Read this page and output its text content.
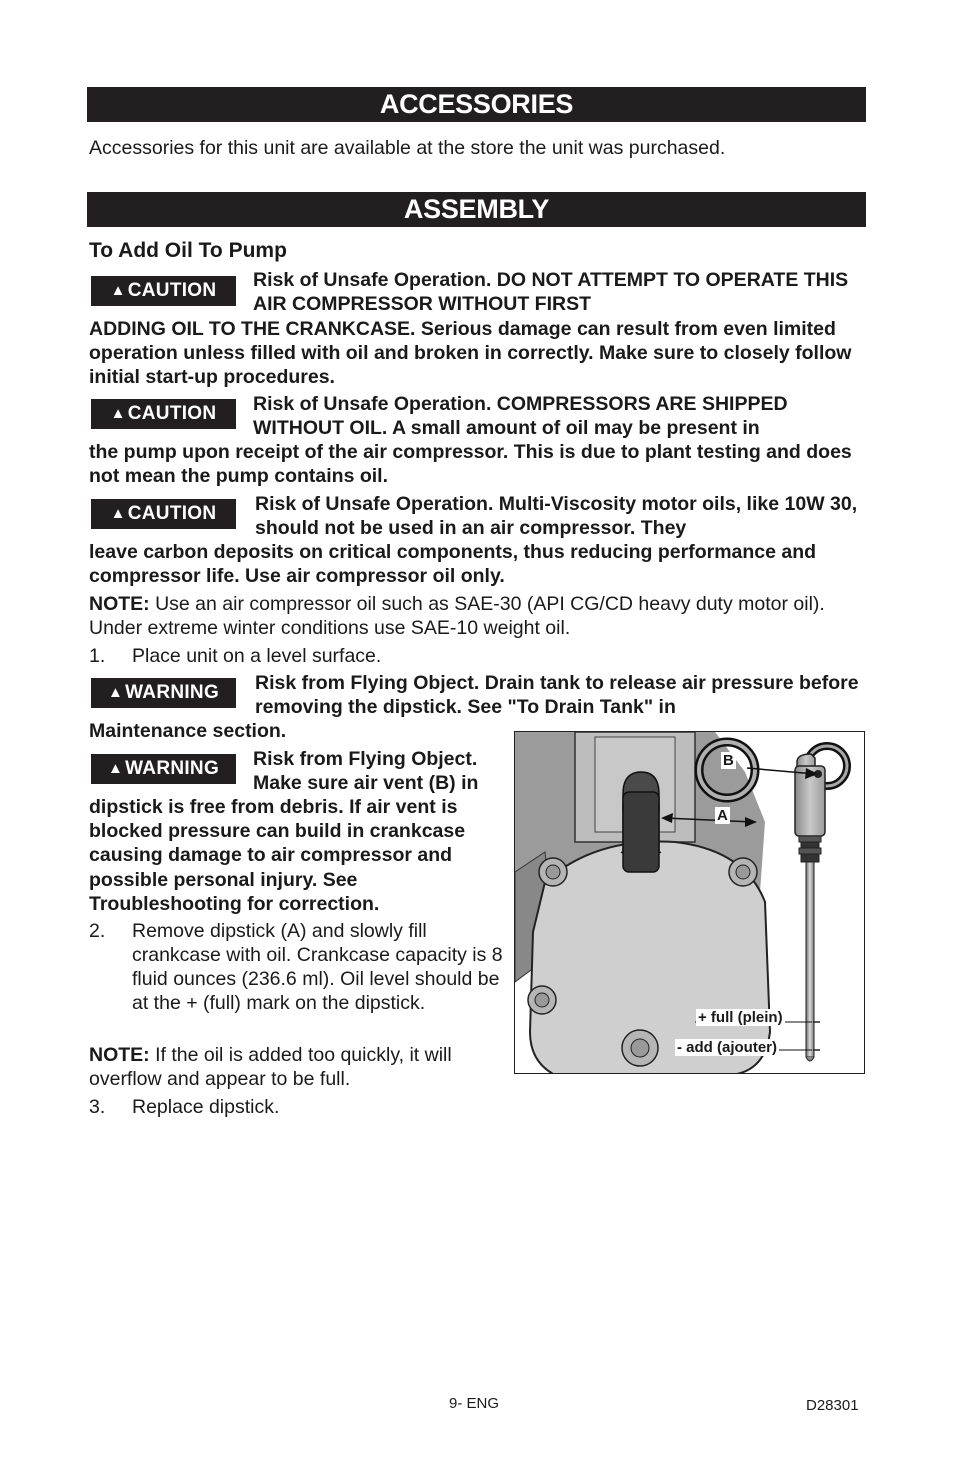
ACCESSORIES
Accessories for this unit are available at the store the unit was purchased.
ASSEMBLY
To Add Oil To Pump
▲ CAUTION	Risk of Unsafe Operation. DO NOT ATTEMPT TO OPERATE THIS AIR COMPRESSOR WITHOUT FIRST
ADDING OIL TO THE CRANKCASE. Serious damage can result from even limited operation unless filled with oil and broken in correctly. Make sure to closely follow initial start-up procedures.
▲ CAUTION	Risk of Unsafe Operation. COMPRESSORS ARE SHIPPED WITHOUT OIL. A small amount of oil may be present in
the pump upon receipt of the air compressor. This is due to plant testing and does not mean the pump contains oil.
▲ CAUTION	Risk of Unsafe Operation. Multi-Viscosity motor oils, like 10W 30, should not be used in an air compressor. They
leave carbon deposits on critical components, thus reducing performance and compressor life. Use air compressor oil only.
NOTE: Use an air compressor oil such as SAE-30 (API CG/CD heavy duty motor oil). Under extreme winter conditions use SAE-10 weight oil.
1. Place unit on a level surface.
▲ WARNING	Risk from Flying Object. Drain tank to release air pressure before removing the dipstick. See "To Drain Tank" in
Maintenance section.
▲ WARNING	Risk from Flying Object. Make sure air vent (B) in
dipstick is free from debris. If air vent is blocked pressure can build in crankcase causing damage to air compressor and possible personal injury. See Troubleshooting for correction.
2. Remove dipstick (A) and slowly fill crankcase with oil. Crankcase capacity is 8 fluid ounces (236.6 ml). Oil level should be at the + (full) mark on the dipstick.
NOTE: If the oil is added too quickly, it will overflow and appear to be full.
3. Replace dipstick.
B
A
+ full (plein)
- add (ajouter)
9- ENG	D28301
